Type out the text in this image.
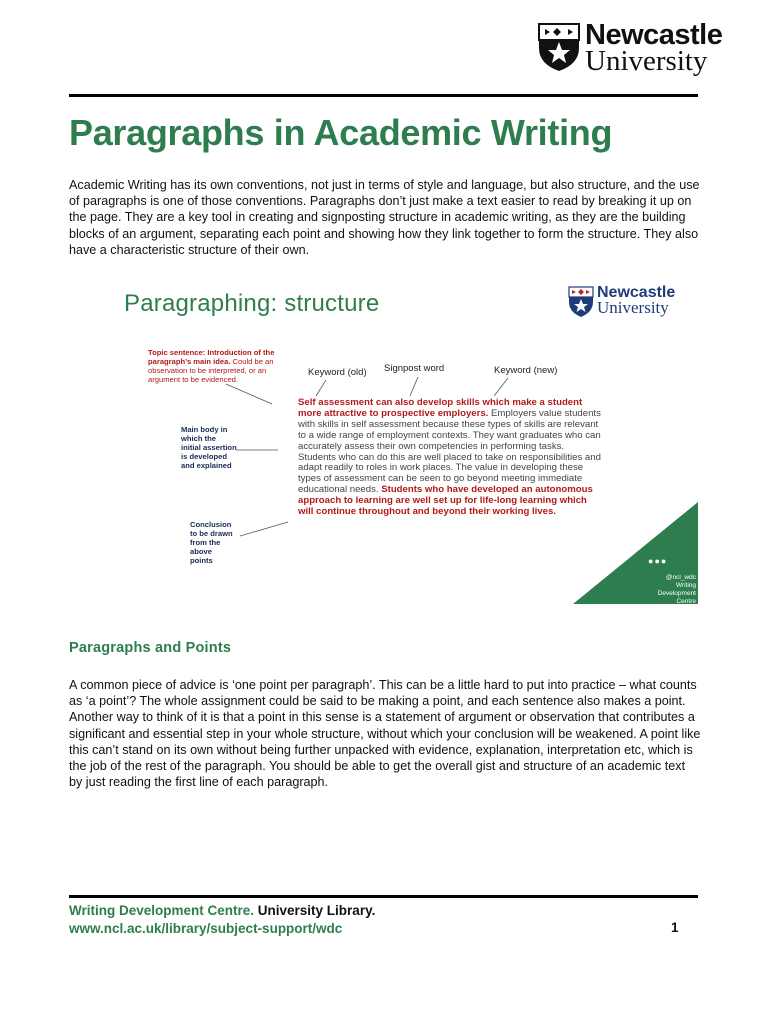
Newcastle
University
Paragraphs in Academic Writing
Academic Writing has its own conventions, not just in terms of style and language, but also structure, and the use of paragraphs is one of those conventions. Paragraphs don’t just make a text easier to read by breaking it up on the page. They are a key tool in creating and signposting structure in academic writing, as they are the building blocks of an argument, separating each point and showing how they link together to form the structure. They also have a characteristic structure of their own.
Paragraphing: structure	Newcastle
University
Topic sentence: Introduction of the paragraph’s main idea. Could be an observation to be interpreted, or an argument to be evidenced.
Main body in which the initial assertion is developed and explained
Conclusion to be drawn from the above points
Keyword (old) Signpost word	Keyword (new)
Self assessment can also develop skills which make a student more attractive to prospective employers. Employers value students with skills in self assessment because these types of skills are relevant to a wide range of employment contexts. They want graduates who can accurately assess their own competencies in performing tasks. Students who can do this are well placed to take on responsibilities and adapt readily to roles in work places. The value in developing these types of assessment can be seen to go beyond meeting immediate educational needs. Students who have developed an autonomous approach to learning are well set up for life-long learning which will continue throughout and beyond their working lives.
●●●
@ncl_wdc
Writing Development
Centre
Paragraphs and Points
A common piece of advice is ‘one point per paragraph’. This can be a little hard to put into practice – what counts as ‘a point’? The whole assignment could be said to be making a point, and each sentence also makes a point. Another way to think of it is that a point in this sense is a statement of argument or observation that contributes a significant and essential step in your whole structure, without which your conclusion will be weakened. A point like this can’t stand on its own without being further unpacked with evidence, explanation, interpretation etc, which is the job of the rest of the paragraph. You should be able to get the overall gist and structure of an academic text by just reading the first line of each paragraph.
Writing Development Centre. University Library.
www.ncl.ac.uk/library/subject-support/wdc	1
